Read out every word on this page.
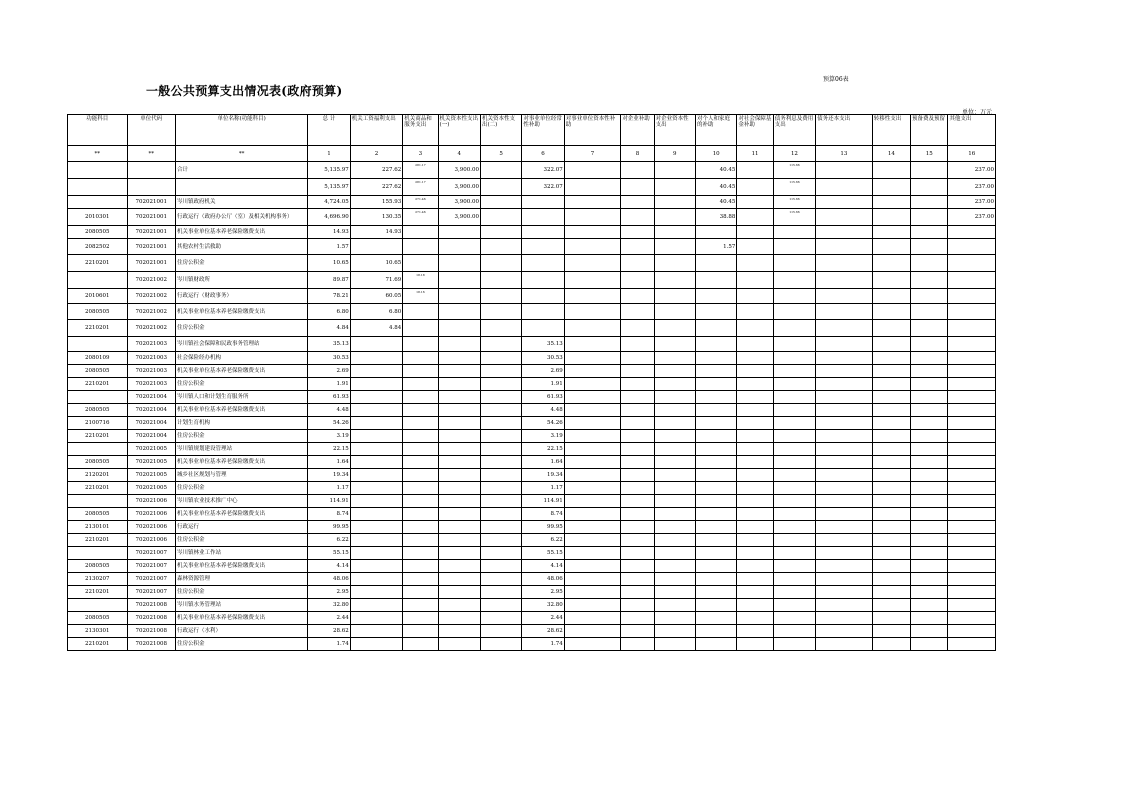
预算06表
一般公共预算支出情况表(政府预算)
单位：万元
功能科目	单位代码	单位名称(功能科目)	总 计	机关工资福利支出	机关商品和服务支出	机关资本性支出(一)	机关资本性支出(二)	对事业单位经常性补助	对事业单位资本性补助	对企业补助	对企业资本性支出	对个人和家庭的补助	对社会保障基金补助	债务利息及费用支出	债务还本支出	转移性支出	预备费及预留	其他支出
**	**	**	1	2	3	4	5	6	7	8	9	10	11	12	13	14	15	16
		合计	5,135.97	227.62	281.17	3,900.00		322.07				40.45		115.66				237.00
			5,135.97	227.62	281.17	3,900.00		322.07				40.45		115.66				237.00
	702021001	岑川镇政府机关	4,724.05	155.93	271.46	3,900.00						40.45		115.66				237.00
2010301	702021001	行政运行（政府办公厅（室）及相关机构事务）	4,696.90	130.35	271.46	3,900.00						38.88		115.66				237.00
2080505	702021001	机关事业单位基本养老保险缴费支出	14.93	14.93														
2082502	702021001	其他农村生活救助	1.57									1.57						
2210201	702021001	住房公积金	10.65	10.65														
	702021002	岑川镇财政所	89.87	71.69	18.18													
2010601	702021002	行政运行（财政事务）	78.21	60.05	18.16													
2080505	702021002	机关事业单位基本养老保险缴费支出	6.80	6.80														
2210201	702021002	住房公积金	4.84	4.84														
	702021003	岑川镇社会保障和民政事务管理站	35.13					35.13										
2080109	702021003	社会保险经办机构	30.53					30.53										
2080505	702021003	机关事业单位基本养老保险缴费支出	2.69					2.69										
2210201	702021003	住房公积金	1.91					1.91										
	702021004	岑川镇人口和计划生育服务所	61.93					61.93										
2080505	702021004	机关事业单位基本养老保险缴费支出	4.48					4.48										
2100716	702021004	计划生育机构	54.26					54.26										
2210201	702021004	住房公积金	3.19					3.19										
	702021005	岑川镇规划建设管理站	22.15					22.15										
2080505	702021005	机关事业单位基本养老保险缴费支出	1.64					1.64										
2120201	702021005	城乡社区规划与管理	19.34					19.34										
2210201	702021005	住房公积金	1.17					1.17										
	702021006	岑川镇农业技术推广中心	114.91					114.91										
2080505	702021006	机关事业单位基本养老保险缴费支出	8.74					8.74										
2130101	702021006	行政运行	99.95					99.95										
2210201	702021006	住房公积金	6.22					6.22										
	702021007	岑川镇林业工作站	55.15					55.15										
2080505	702021007	机关事业单位基本养老保险缴费支出	4.14					4.14										
2130207	702021007	森林资源管理	48.06					48.06										
2210201	702021007	住房公积金	2.95					2.95										
	702021008	岑川镇水务管理站	32.80					32.80										
2080505	702021008	机关事业单位基本养老保险缴费支出	2.44					2.44										
2130301	702021008	行政运行（水利）	28.62					28.62										
2210201	702021008	住房公积金	1.74					1.74										
